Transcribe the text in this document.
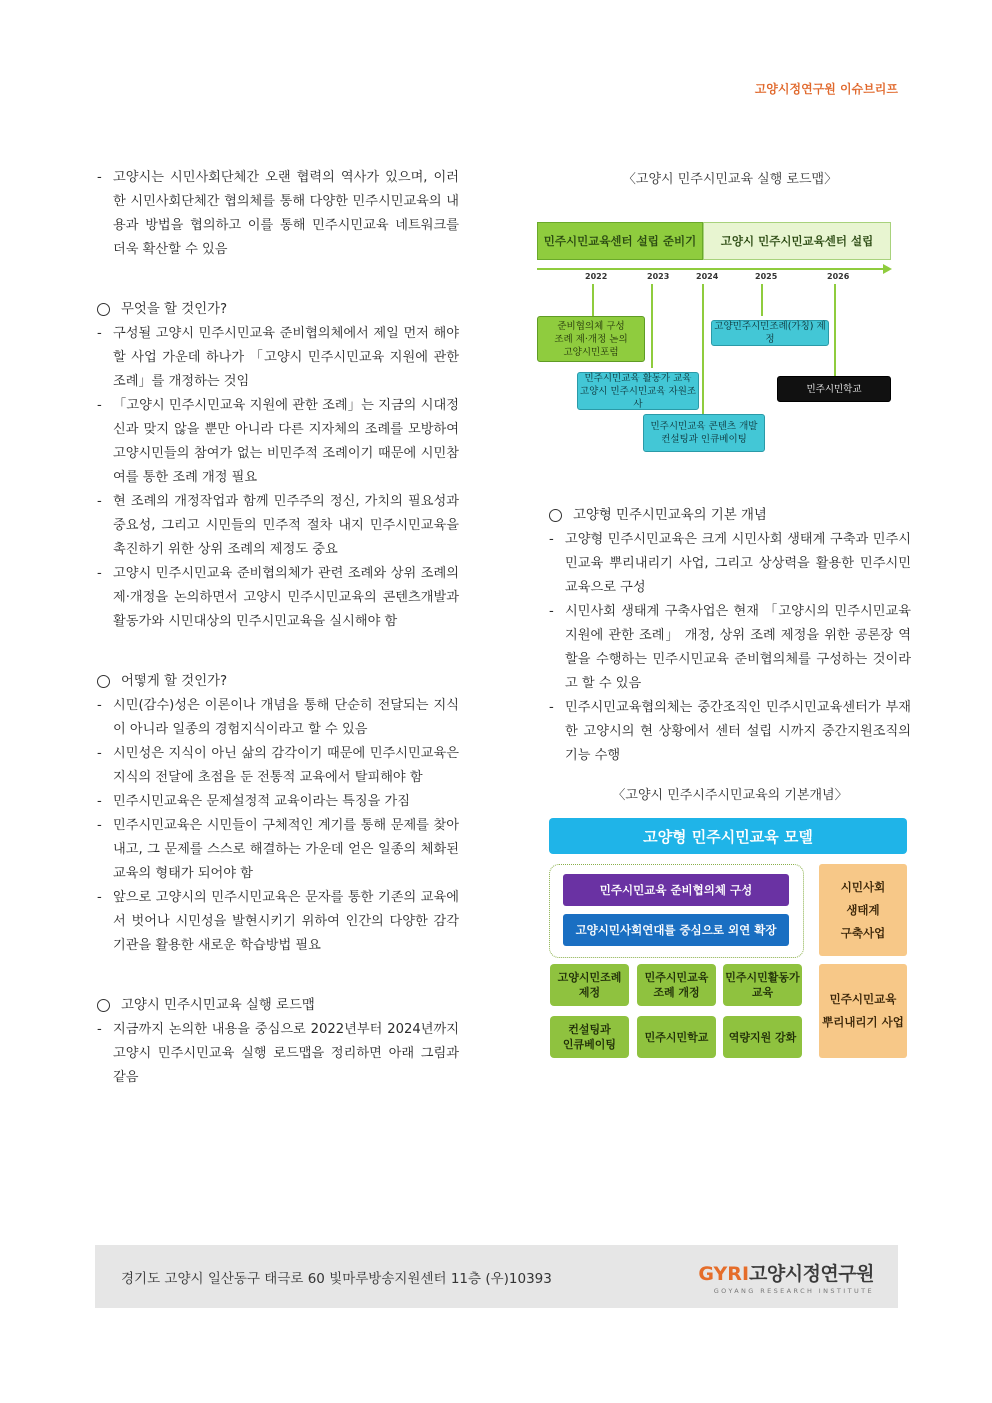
고양시정연구원 이슈브리프
- 고양시는 시민사회단체간 오랜 협력의 역사가 있으며, 이러한 시민사회단체간 협의체를 통해 다양한 민주시민교육의 내용과 방법을 협의하고 이를 통해 민주시민교육 네트워크를 더욱 확산할 수 있음
무엇을 할 것인가?
- 구성될 고양시 민주시민교육 준비협의체에서 제일 먼저 해야 할 사업 가운데 하나가 「고양시 민주시민교육 지원에 관한 조례」를 개정하는 것임
- 「고양시 민주시민교육 지원에 관한 조례」는 지금의 시대정신과 맞지 않을 뿐만 아니라 다른 지자체의 조례를 모방하여 고양시민들의 참여가 없는 비민주적 조례이기 때문에 시민참여를 통한 조례 개정 필요
- 현 조례의 개정작업과 함께 민주주의 정신, 가치의 필요성과 중요성, 그리고 시민들의 민주적 절차 내지 민주시민교육을 촉진하기 위한 상위 조례의 제정도 중요
- 고양시 민주시민교육 준비협의체가 관련 조례와 상위 조례의 제·개정을 논의하면서 고양시 민주시민교육의 콘텐츠개발과 활동가와 시민대상의 민주시민교육을 실시해야 함
어떻게 할 것인가?
- 시민(감수)성은 이론이나 개념을 통해 단순히 전달되는 지식이 아니라 일종의 경험지식이라고 할 수 있음
- 시민성은 지식이 아닌 삶의 감각이기 때문에 민주시민교육은 지식의 전달에 초점을 둔 전통적 교육에서 탈피해야 함
- 민주시민교육은 문제설정적 교육이라는 특징을 가짐
- 민주시민교육은 시민들이 구체적인 계기를 통해 문제를 찾아내고, 그 문제를 스스로 해결하는 가운데 얻은 일종의 체화된 교육의 형태가 되어야 함
- 앞으로 고양시의 민주시민교육은 문자를 통한 기존의 교육에서 벗어나 시민성을 발현시키기 위하여 인간의 다양한 감각기관을 활용한 새로운 학습방법 필요
고양시 민주시민교육 실행 로드맵
- 지금까지 논의한 내용을 중심으로 2022년부터 2024년까지 고양시 민주시민교육 실행 로드맵을 정리하면 아래 그림과 같음
〈고양시 민주시민교육 실행 로드맵〉
고양형 민주시민교육의 기본 개념
- 고양형 민주시민교육은 크게 시민사회 생태계 구축과 민주시민교육 뿌리내리기 사업, 그리고 상상력을 활용한 민주시민교육으로 구성
- 시민사회 생태계 구축사업은 현재 「고양시의 민주시민교육 지원에 관한 조례」 개정, 상위 조례 제정을 위한 공론장 역할을 수행하는 민주시민교육 준비협의체를 구성하는 것이라고 할 수 있음
- 민주시민교육협의체는 중간조직인 민주시민교육센터가 부재한 고양시의 현 상황에서 센터 설립 시까지 중간지원조직의 기능 수행
〈고양시 민주시주시민교육의 기본개념〉
민주시민교육센터 설립 준비기	고양시 민주시민교육센터 설립
2022	2023	2024	2025	2026
준비협의체 구성
조례 제·개정 논의
고양시민포럼
민주시민교육 활동가 교육
고양시 민주시민교육 자원조사
민주시민교육 콘텐츠 개발
컨설팅과 인큐베이팅
고양민주시민조례(가칭) 제정
민주시민학교
고양형 민주시민교육 모델
민주시민교육 준비협의체 구성
고양시민사회연대를 중심으로 외연 확장
고양시민조례
제정
민주시민교육
조례 개정
민주시민활동가
교육
컨설팅과
인큐베이팅
민주시민학교	역량지원 강화
시민사회
생태계
구축사업
민주시민교육
뿌리내리기 사업
경기도 고양시 일산동구 태극로 60 빛마루방송지원센터 11층 (우)10393	GYRI고양시정연구원
GOYANG RESEARCH INSTITUTE
